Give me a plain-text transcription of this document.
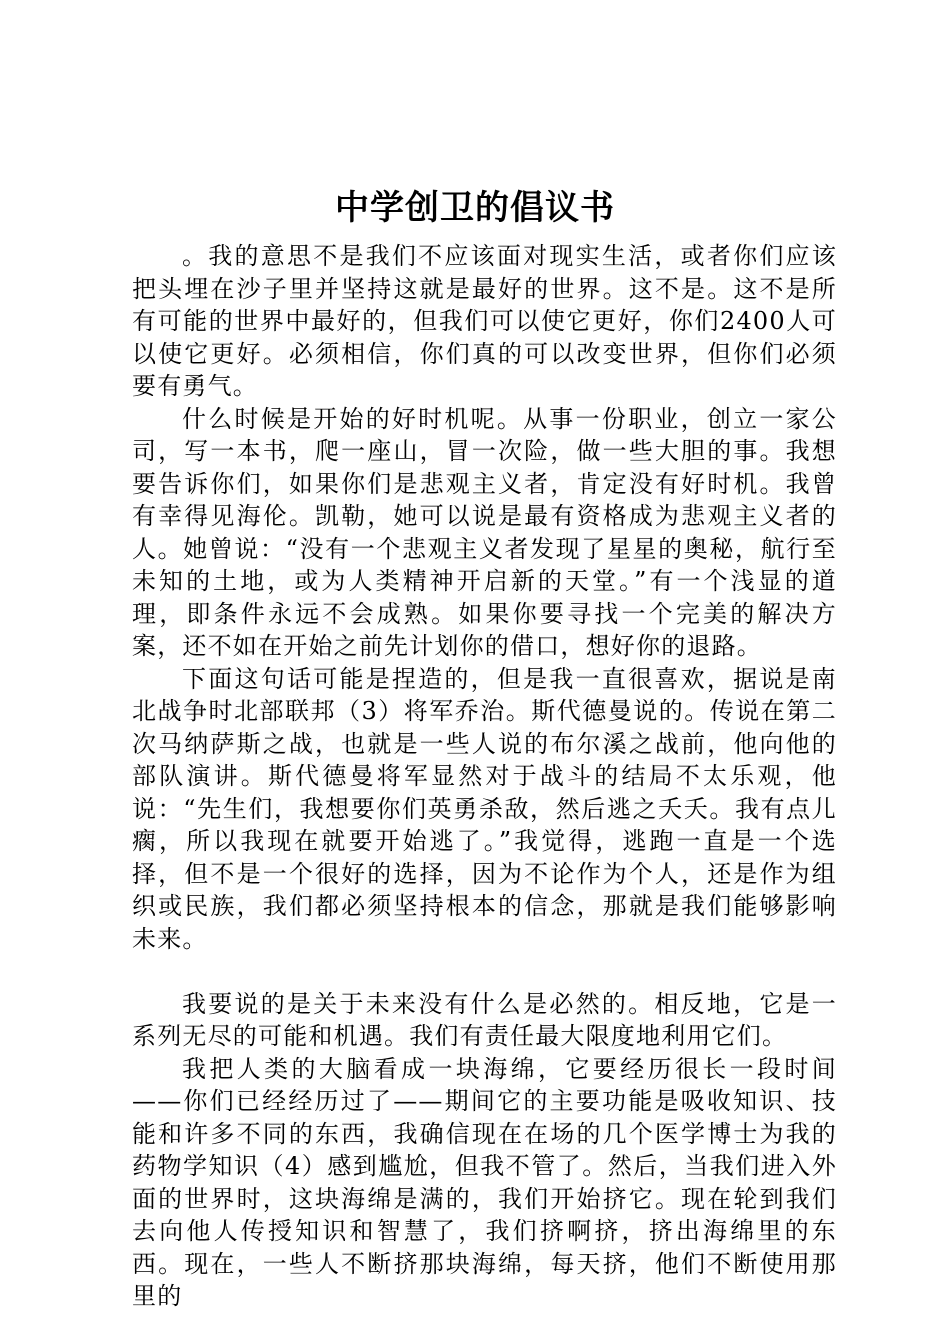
中学创卫的倡议书

。我的意思不是我们不应该面对现实生活，或者你们应该把头埋在沙子里并坚持这就是最好的世界。这不是。这不是所有可能的世界中最好的，但我们可以使它更好，你们2400人可以使它更好。必须相信，你们真的可以改变世界，但你们必须要有勇气。

什么时候是开始的好时机呢。从事一份职业，创立一家公司，写一本书，爬一座山，冒一次险，做一些大胆的事。我想要告诉你们，如果你们是悲观主义者，肯定没有好时机。我曾有幸得见海伦。凯勒，她可以说是最有资格成为悲观主义者的人。她曾说：“没有一个悲观主义者发现了星星的奥秘，航行至未知的土地，或为人类精神开启新的天堂。”有一个浅显的道理，即条件永远不会成熟。如果你要寻找一个完美的解决方案，还不如在开始之前先计划你的借口，想好你的退路。

下面这句话可能是捏造的，但是我一直很喜欢，据说是南北战争时北部联邦（3）将军乔治。斯代德曼说的。传说在第二次马纳萨斯之战，也就是一些人说的布尔溪之战前，他向他的部队演讲。斯代德曼将军显然对于战斗的结局不太乐观，他说：“先生们，我想要你们英勇杀敌，然后逃之夭夭。我有点儿瘸，所以我现在就要开始逃了。”我觉得，逃跑一直是一个选择，但不是一个很好的选择，因为不论作为个人，还是作为组织或民族，我们都必须坚持根本的信念，那就是我们能够影响未来。

我要说的是关于未来没有什么是必然的。相反地，它是一系列无尽的可能和机遇。我们有责任最大限度地利用它们。

我把人类的大脑看成一块海绵，它要经历很长一段时间——你们已经经历过了——期间它的主要功能是吸收知识、技能和许多不同的东西，我确信现在在场的几个医学博士为我的药物学知识（4）感到尴尬，但我不管了。然后，当我们进入外面的世界时，这块海绵是满的，我们开始挤它。现在轮到我们去向他人传授知识和智慧了，我们挤啊挤，挤出海绵里的东西。现在，一些人不断挤那块海绵，每天挤，他们不断使用那里的
